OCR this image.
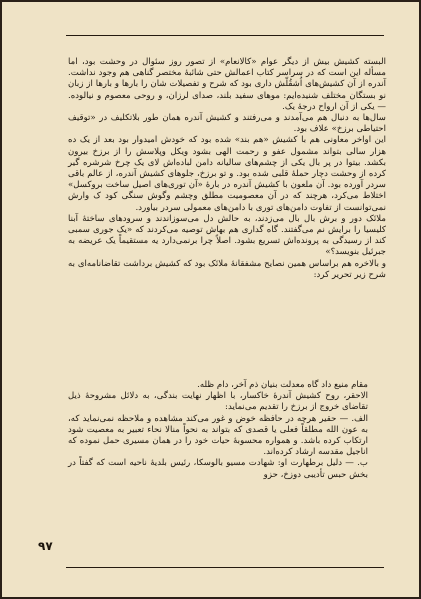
البسته کشیش بیش از دیگر عوام «کالانعام» از تصور روز سئوال در وحشت بود، اما مسأله این است که در سراسر کتاب اعمالش حتی شائبهٔ مختصر گناهی هم وجود نداشت. آندره از آن کشیش‌های اُشقُلّش داری بود که شرح و تفصیلات شان را بارها و بارها از زبان نو بستگان مختلف شنیده‌ایم: موهای سفید بلند، صدای لرزان، و روحی معصوم و نیالوده. — یکی از آن ارواح درجهٔ یک.

سال‌ها به دنبال هم می‌آمدند و می‌رفتند و کشیش آندره همان طور بلاتکلیف در «توقیف احتیاطی برزخ» علاف بود.

این اواخر معاونی هم با کشیش «هم بند» شده بود که خودش امیدوار بود بعد از یک ده هزار سالی بتواند مشمول عفو و رحمت الهی بشود ویکل وپلاسش را از برزخ بیرون بکشد. بیتوا در پر بال یکی از چشم‌های سالیانه دامن لباده‌اش لای یک چرخ شرشره گیر کرده از وحشت دچار حملهٔ قلبی شده بود. و تو برزخ، جلوهای کشیش آندره، از عالم باقی سردر آورده بود. آن ملعون با کشیش آندره در بارهٔ «آن توری‌های اصیل ساخت بروکسل» اختلاط می‌کرد، هرچند که در آن معصومیت مطلق وچشم وگوش سنگی کود ک‌ وارش نمی‌توانست از تفاوت دامن‌های توری با دامن‌های معمولی سردر بیاورد.

ملائک دور و برش بال بال می‌زدند، به حالش دل می‌سوزاندند و سرودهای ساختهٔ آبنا کلیسیا را برایش نم می‌گفتند. گاه گداری هم بهاش توصیه می‌کردند که «یک جوری سمبی کند از رسیدگی به پرونده‌اش تسریع بشود. اصلاً چرا برنمی‌دارد یه مستقیماً یک عریضه به جبرئیل بنویسد؟»

و بالاخره هم براساس همین نصایح مشفقانهٔ ملائک بود که کشیش برداشت تقاضانامه‌ای به شرح زیر تحریر کرد:

مقام منیع داد گاه معدلت بنیان ذم آخر، دام ظله.

الاحقر، روح کشیش آندرهٔ خاکسار، با اظهار نهایت بندگی، به دلائل مشروحهٔ ذیل تقاضای خروج از برزخ را تقدیم می‌نماید:

الف. — حقیر هرچه در حافظه خوض و غور می‌کند مشاهده و ملاحظه نمی‌نماید که، به عون الله مطلقاً فعلی یا قصدی که بتواند به نحواً منالا نحاء تعبیر به معصیت شود ارتکاب کرده باشد. و همواره محسوبهٔ حیات خود را در همان مسیری حمل نموده که اناجیل مقدسه ارشاد کرده‌اند.

ب. — دلیل برطهارت او: شهادت مسیو بالوسکا، رئیس بلدیهٔ ناحیه است که گفتاً در بخش حبس تأدیبی دوزخ، حزو

۹۷
